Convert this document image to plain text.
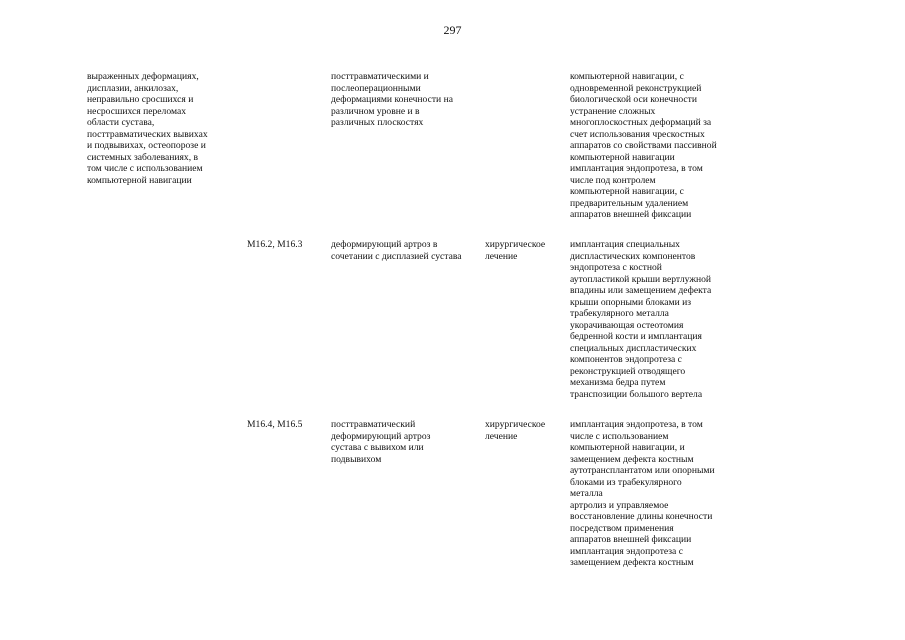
297
выраженных деформациях,
дисплазии, анкилозах,
неправильно сросшихся и
несросшихся переломах
области сустава,
посттравматических вывихах
и подвывихах, остеопорозе и
системных заболеваниях, в
том числе с использованием
компьютерной навигации
посттравматическими и
послеоперационными
деформациями конечности на
различном уровне и в
различных плоскостях
компьютерной навигации, с
одновременной реконструкцией
биологической оси конечности
устранение сложных
многоплоскостных деформаций за
счет использования чрескостных
аппаратов со свойствами пассивной
компьютерной навигации
имплантация эндопротеза, в том
числе под контролем
компьютерной навигации, с
предварительным удалением
аппаратов внешней фиксации
M16.2, M16.3	деформирующий артроз в
сочетании с дисплазией сустава
хирургическое
лечение
имплантация специальных
диспластических компонентов
эндопротеза с костной
аутопластикой крыши вертлужной
впадины или замещением дефекта
крыши опорными блоками из
трабекулярного металла
укорачивающая остеотомия
бедренной кости и имплантация
специальных диспластических
компонентов эндопротеза с
реконструкцией отводящего
механизма бедра путем
транспозиции большого вертела
M16.4, M16.5	посттравматический
деформирующий артроз
сустава с вывихом или
подвывихом
хирургическое
лечение
имплантация эндопротеза, в том
числе с использованием
компьютерной навигации, и
замещением дефекта костным
аутотрансплантатом или опорными
блоками из трабекулярного
металла
артролиз и управляемое
восстановление длины конечности
посредством применения
аппаратов внешней фиксации
имплантация эндопротеза с
замещением дефекта костным
